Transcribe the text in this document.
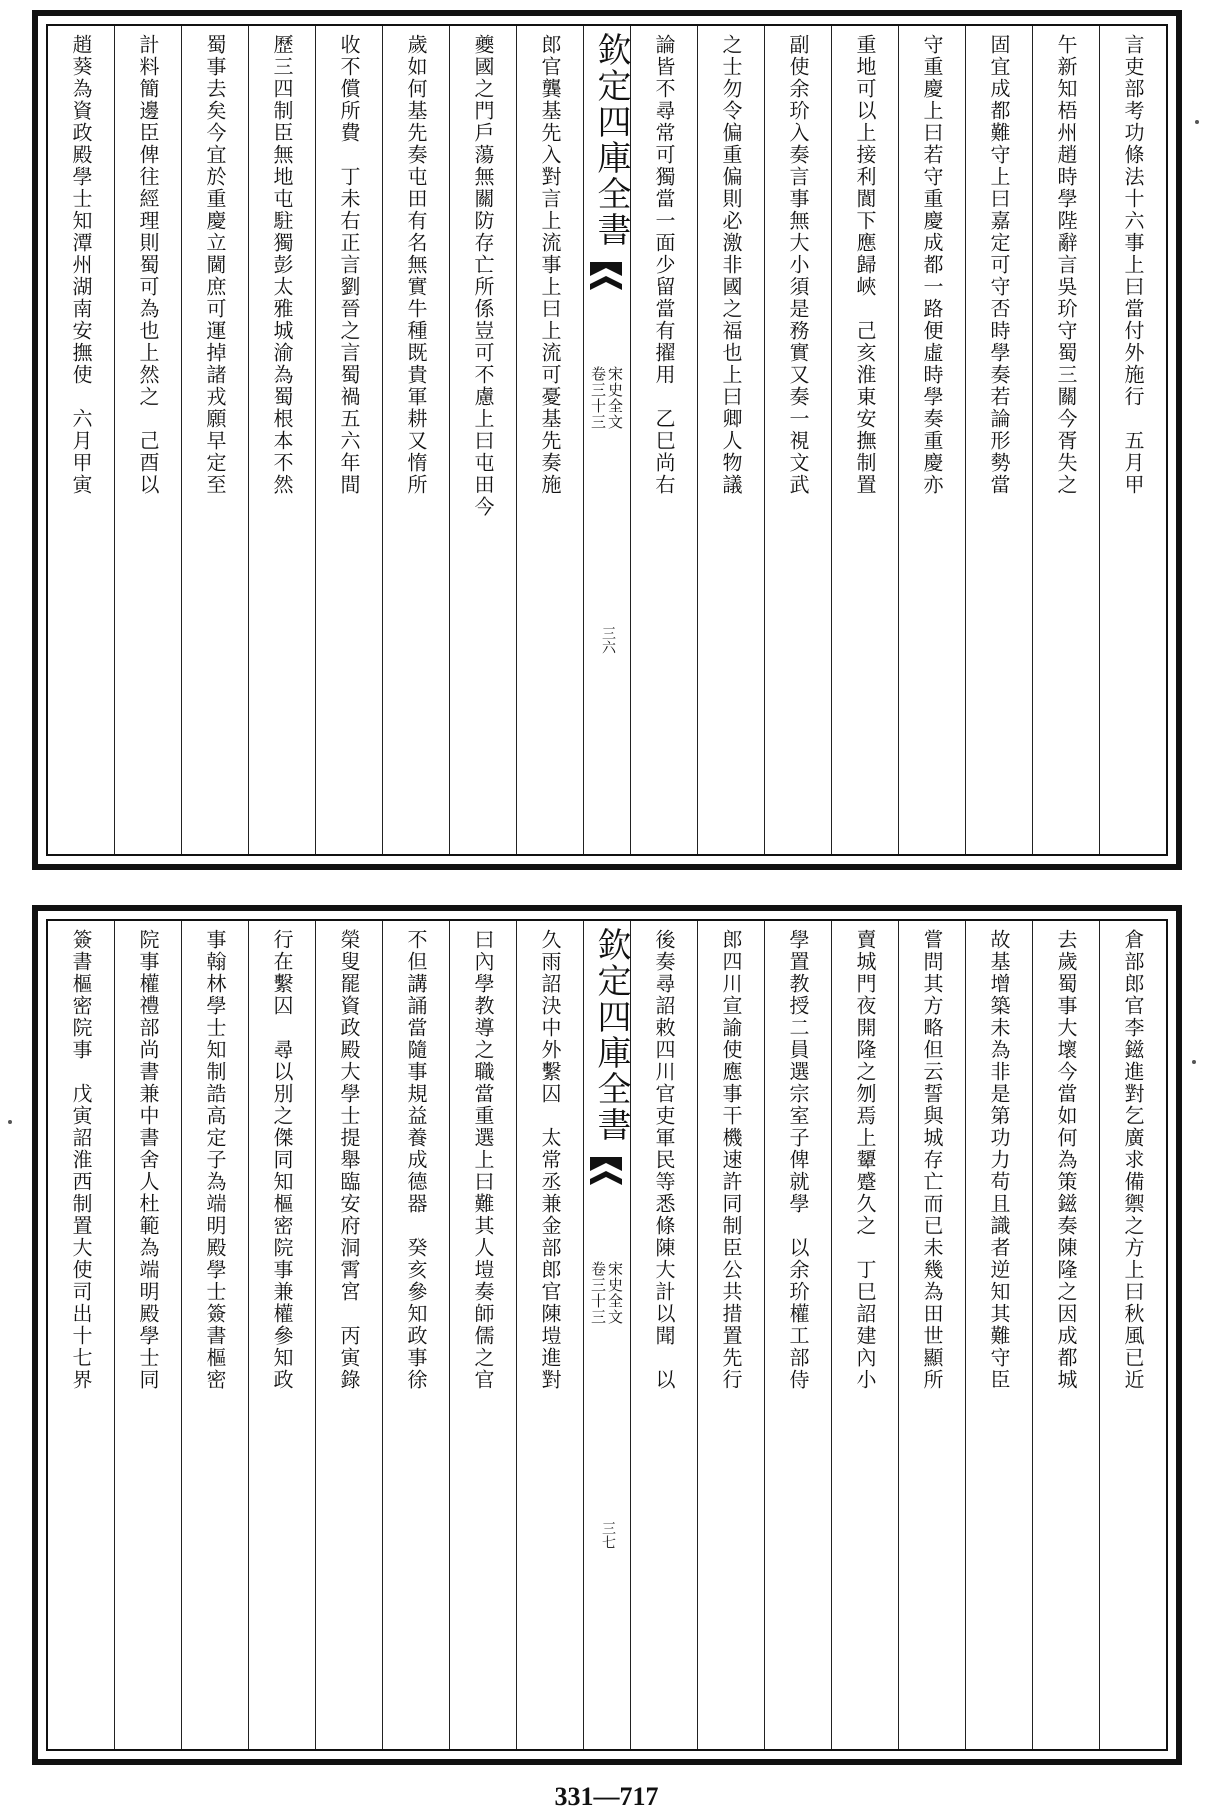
言吏部考功條法十六事上曰當付外施行　五月甲
午新知梧州趙時學陛辭言吳玠守蜀三關今胥失之
固宜成都難守上曰嘉定可守否時學奏若論形勢當
守重慶上曰若守重慶成都一路便虛時學奏重慶亦
重地可以上接利閬下應歸峽　己亥淮東安撫制置
副使余玠入奏言事無大小須是務實又奏一視文武
之士勿令偏重偏則必激非國之福也上曰卿人物議
論皆不尋常可獨當一面少留當有擢用　乙巳尚右
欽定四庫全書
宋史全文
卷三十三
三六
郎官龔基先入對言上流事上曰上流可憂基先奏施
夔國之門戶蕩無關防存亡所係豈可不慮上曰屯田今
歲如何基先奏屯田有名無實牛種既貴軍耕又惰所
收不償所費　丁未右正言劉晉之言蜀禍五六年間
歷三四制臣無地屯駐獨彭太雅城渝為蜀根本不然
蜀事去矣今宜於重慶立閫庶可運掉諸戎願早定至
計料簡邊臣俾往經理則蜀可為也上然之　己酉以
趙葵為資政殿學士知潭州湖南安撫使　六月甲寅
倉部郎官李鎡進對乞廣求備禦之方上曰秋風已近
去歲蜀事大壞今當如何為策鎡奏陳隆之因成都城
故基增築未為非是第功力苟且識者逆知其難守臣
嘗問其方略但云誓與城存亡而已未幾為田世顯所
賣城門夜開隆之刎焉上顰蹙久之　丁巳詔建內小
學置教授二員選宗室子俾就學　以余玠權工部侍
郎四川宣諭使應事干機速許同制臣公共措置先行
後奏尋詔敕四川官吏軍民等悉條陳大計以聞　以
欽定四庫全書
宋史全文
卷三十三
三七
久雨詔決中外繫囚　太常丞兼金部郎官陳塏進對
曰內學教導之職當重選上曰難其人塏奏師儒之官
不但講誦當隨事規益養成德器　癸亥參知政事徐
榮叟罷資政殿大學士提舉臨安府洞霄宮　丙寅錄
行在繫囚　尋以別之傑同知樞密院事兼權參知政
事翰林學士知制誥高定子為端明殿學士簽書樞密
院事權禮部尚書兼中書舍人杜範為端明殿學士同
簽書樞密院事　戊寅詔淮西制置大使司出十七界
331—717
